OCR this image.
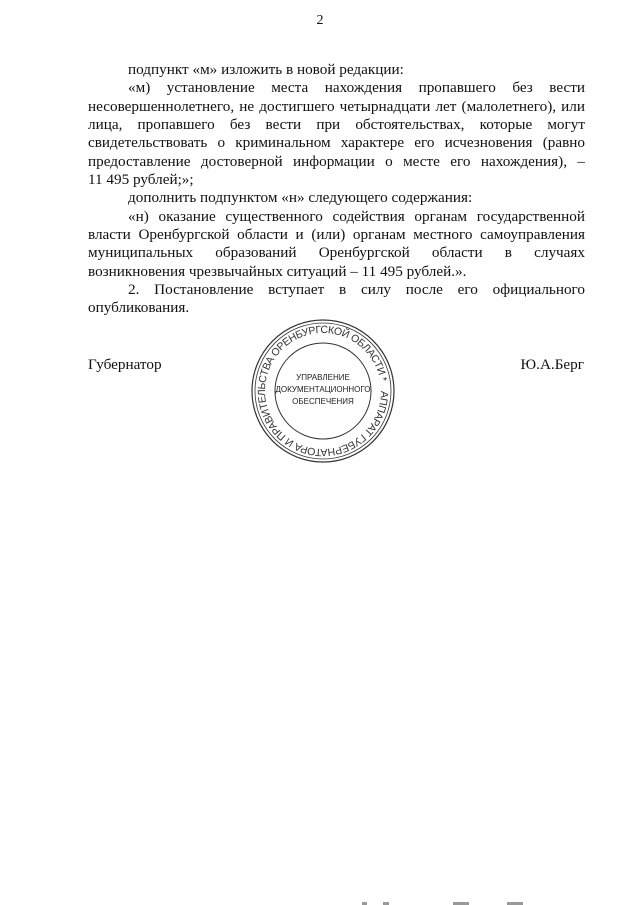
2
подпункт «м» изложить в новой редакции:
«м) установление места нахождения пропавшего без вести
несовершеннолетнего, не достигшего четырнадцати лет (малолетнего), или
лица, пропавшего без вести при обстоятельствах, которые могут
свидетельствовать о криминальном характере его исчезновения (равно
предоставление достоверной информации о месте его нахождения), –
11 495 рублей;»;
дополнить подпунктом «н» следующего содержания:
«н) оказание существенного содействия органам государственной
власти Оренбургской области и (или) органам местного самоуправления
муниципальных образований Оренбургской области в случаях
возникновения чрезвычайных ситуаций – 11 495 рублей.».
2. Постановление вступает в силу после его официального
опубликования.
Губернатор	Ю.А.Берг
АППАРАТ ГУБЕРНАТОРА И ПРАВИТЕЛЬСТВА ОРЕНБУРГСКОЙ ОБЛАСТИ *
УПРАВЛЕНИЕ
ДОКУМЕНТАЦИОННОГО
ОБЕСПЕЧЕНИЯ
